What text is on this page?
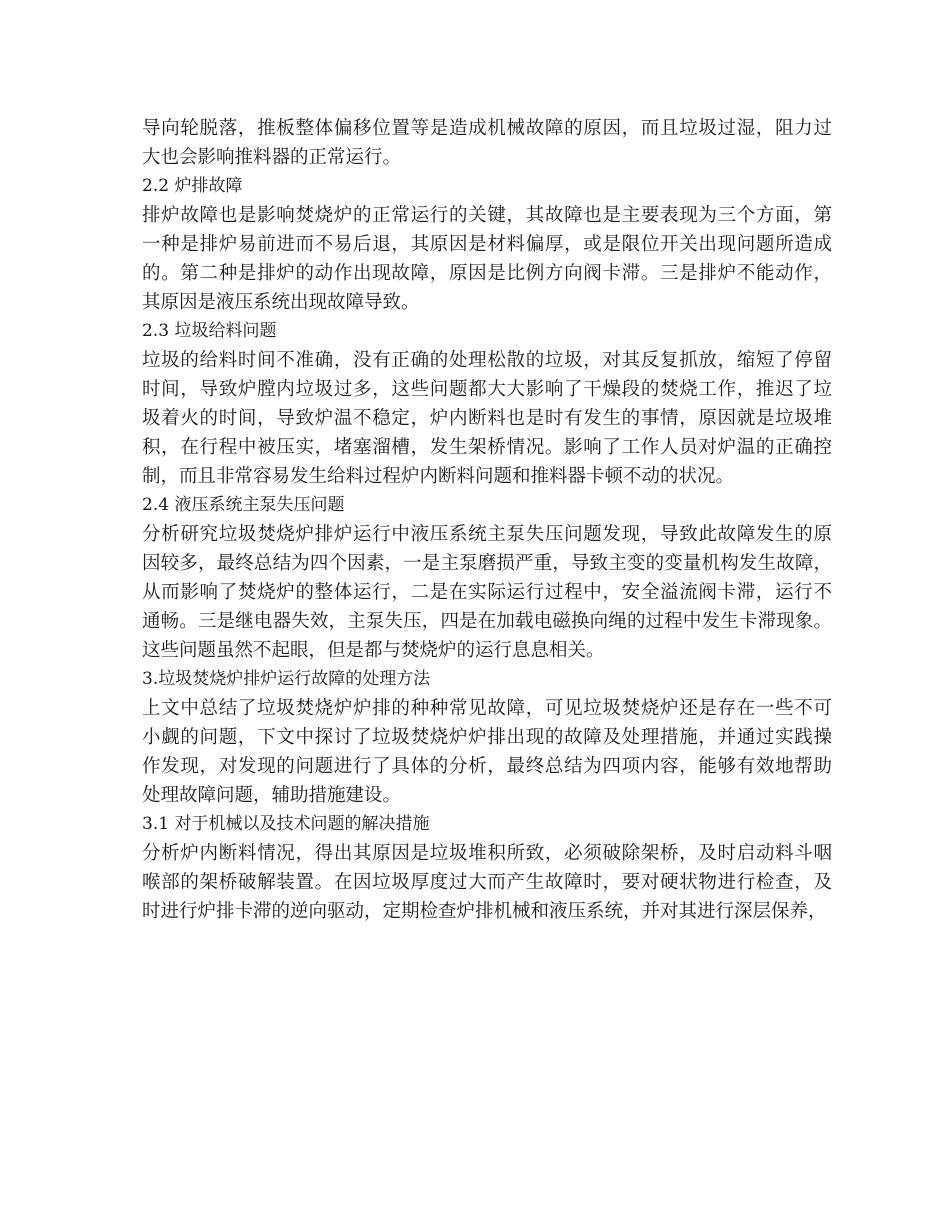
导向轮脱落，推板整体偏移位置等是造成机械故障的原因，而且垃圾过湿，阻力过
大也会影响推料器的正常运行。
2.2 炉排故障
排炉故障也是影响焚烧炉的正常运行的关键，其故障也是主要表现为三个方面，第
一种是排炉易前进而不易后退，其原因是材料偏厚，或是限位开关出现问题所造成
的。第二种是排炉的动作出现故障，原因是比例方向阀卡滞。三是排炉不能动作，
其原因是液压系统出现故障导致。
2.3 垃圾给料问题
垃圾的给料时间不准确，没有正确的处理松散的垃圾，对其反复抓放，缩短了停留
时间，导致炉膛内垃圾过多，这些问题都大大影响了干燥段的焚烧工作，推迟了垃
圾着火的时间，导致炉温不稳定，炉内断料也是时有发生的事情，原因就是垃圾堆
积，在行程中被压实，堵塞溜槽，发生架桥情况。影响了工作人员对炉温的正确控
制，而且非常容易发生给料过程炉内断料问题和推料器卡顿不动的状况。
2.4 液压系统主泵失压问题
分析研究垃圾焚烧炉排炉运行中液压系统主泵失压问题发现，导致此故障发生的原
因较多，最终总结为四个因素，一是主泵磨损严重，导致主变的变量机构发生故障，
从而影响了焚烧炉的整体运行，二是在实际运行过程中，安全溢流阀卡滞，运行不
通畅。三是继电器失效，主泵失压，四是在加载电磁换向绳的过程中发生卡滞现象。
这些问题虽然不起眼，但是都与焚烧炉的运行息息相关。
3.垃圾焚烧炉排炉运行故障的处理方法
上文中总结了垃圾焚烧炉炉排的种种常见故障，可见垃圾焚烧炉还是存在一些不可
小觑的问题，下文中探讨了垃圾焚烧炉炉排出现的故障及处理措施，并通过实践操
作发现，对发现的问题进行了具体的分析，最终总结为四项内容，能够有效地帮助
处理故障问题，辅助措施建设。
3.1 对于机械以及技术问题的解决措施
分析炉内断料情况，得出其原因是垃圾堆积所致，必须破除架桥，及时启动料斗咽
喉部的架桥破解装置。在因垃圾厚度过大而产生故障时，要对硬状物进行检查，及
时进行炉排卡滞的逆向驱动，定期检查炉排机械和液压系统，并对其进行深层保养，
